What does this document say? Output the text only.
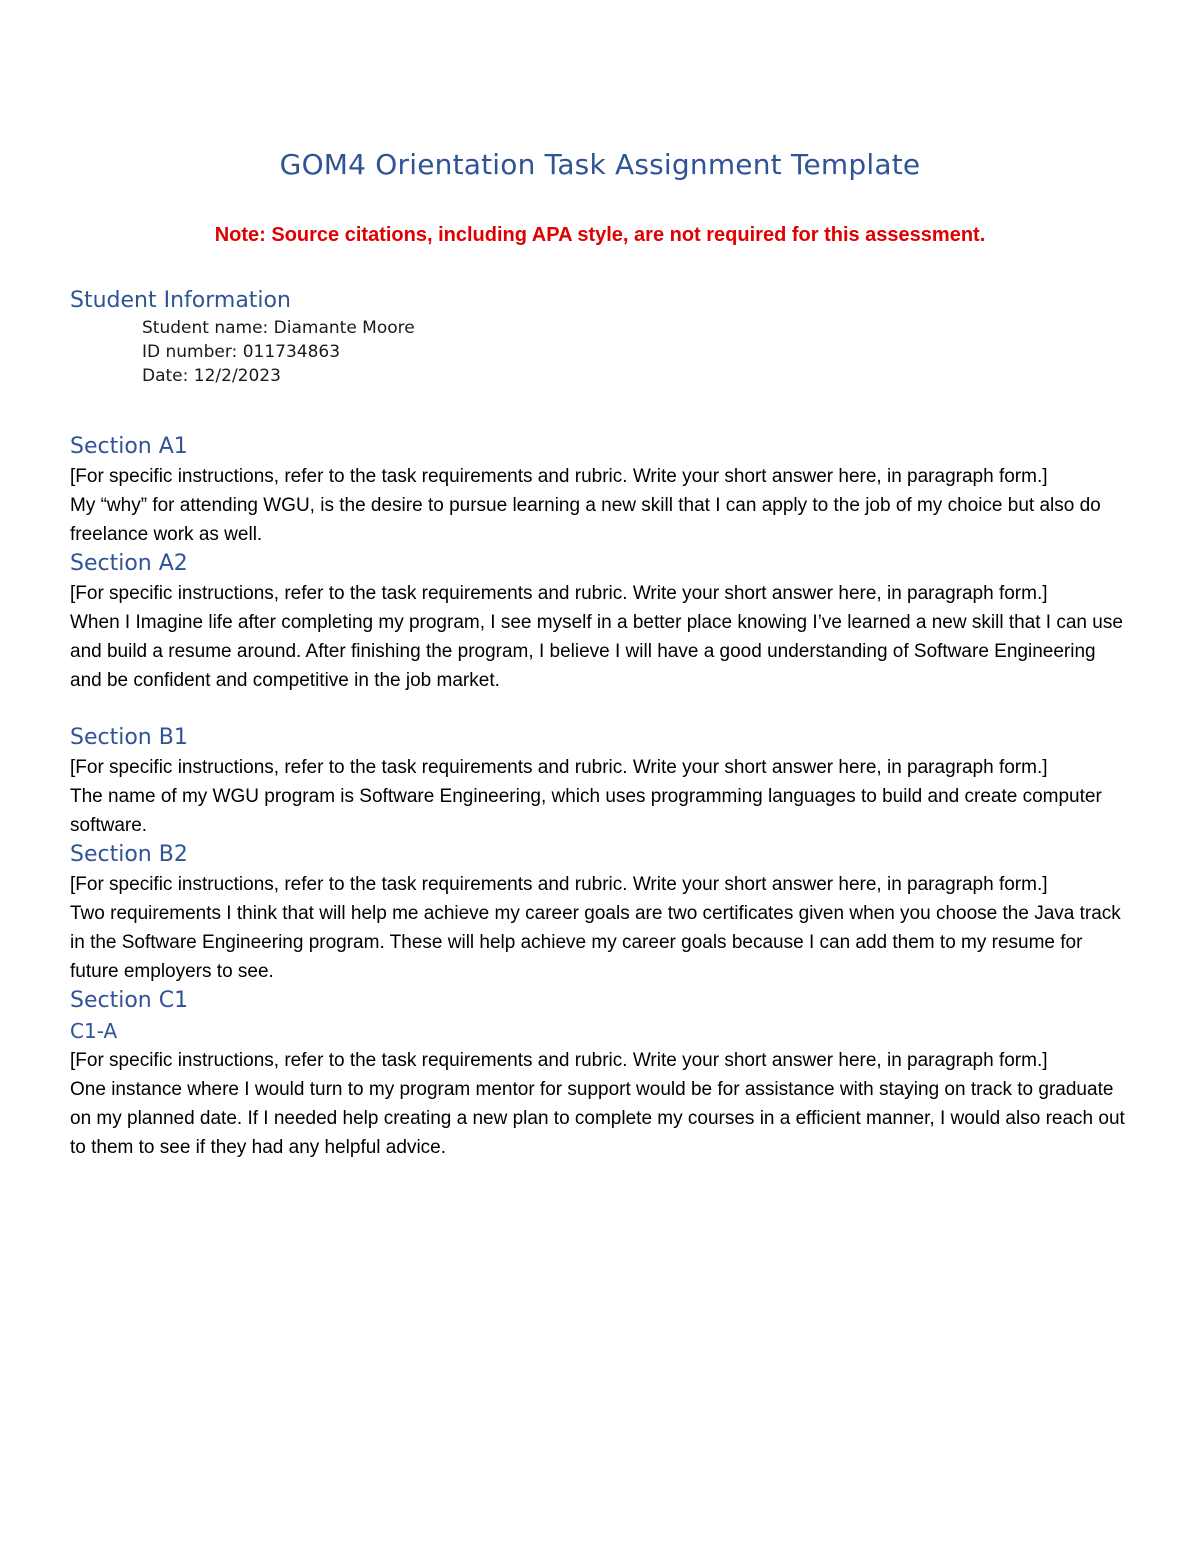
GOM4 Orientation Task Assignment Template
Note: Source citations, including APA style, are not required for this assessment.
Student Information
Student name: Diamante Moore
ID number: 011734863
Date: 12/2/2023
Section A1

[For specific instructions, refer to the task requirements and rubric. Write your short answer here, in paragraph form.]

My “why” for attending WGU, is the desire to pursue learning a new skill that I can apply to the job of my choice but also do freelance work as well.

Section A2

[For specific instructions, refer to the task requirements and rubric. Write your short answer here, in paragraph form.]

When I Imagine life after completing my program, I see myself in a better place knowing I’ve learned a new skill that I can use and build a resume around. After finishing the program, I believe I will have a good understanding of Software Engineering and be confident and competitive in the job market.

Section B1

[For specific instructions, refer to the task requirements and rubric. Write your short answer here, in paragraph form.]

The name of my WGU program is Software Engineering, which uses programming languages to build and create computer software.

Section B2

[For specific instructions, refer to the task requirements and rubric. Write your short answer here, in paragraph form.]

Two requirements I think that will help me achieve my career goals are two certificates given when you choose the Java track in the Software Engineering program. These will help achieve my career goals because I can add them to my resume for future employers to see.

Section C1
C1-A

[For specific instructions, refer to the task requirements and rubric. Write your short answer here, in paragraph form.]

One instance where I would turn to my program mentor for support would be for assistance with staying on track to graduate on my planned date. If I needed help creating a new plan to complete my courses in a efficient manner, I would also reach out to them to see if they had any helpful advice.
